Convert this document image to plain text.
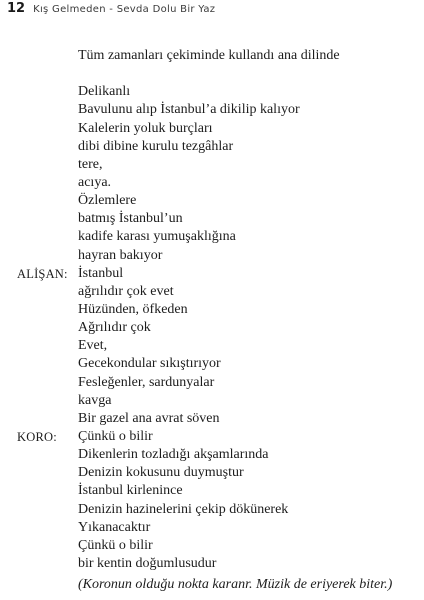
12 Kış Gelmeden - Sevda Dolu Bir Yaz
Tüm zamanları çekiminde kullandı ana dilinde
Delikanlı
Bavulunu alıp İstanbul’a dikilip kalıyor
Kalelerin yoluk burçları
dibi dibine kurulu tezgâhlar
tere,
acıya.
Özlemlere
batmış İstanbul’un
kadife karası yumuşaklığına
hayran bakıyor
ALİŞAN: İstanbul
ağrılıdır çok evet
Hüzünden, öfkeden
Ağrılıdır çok
Evet,
Gecekondular sıkıştırıyor
Fesleğenler, sardunyalar
kavga
Bir gazel ana avrat söven
KORO: Çünkü o bilir
Dikenlerin tozladığı akşamlarında
Denizin kokusunu duymuştur
İstanbul kirlenince
Denizin hazinelerini çekip dökünerek
Yıkanacaktır
Çünkü o bilir
bir kentin doğumlusudur
(Koronun olduğu nokta karanr. Müzik de eriyerek biter.)
